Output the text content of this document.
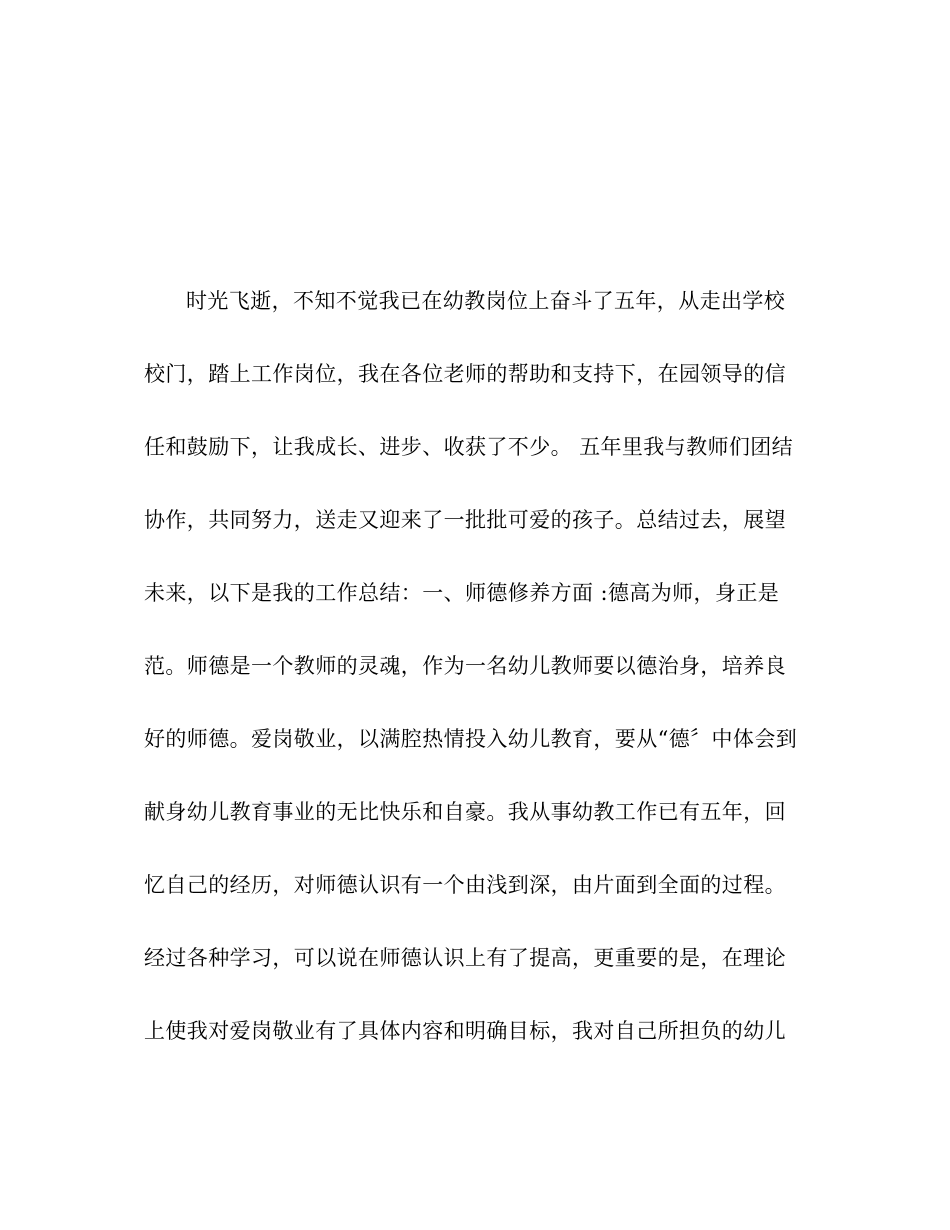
时光飞逝，不知不觉我已在幼教岗位上奋斗了五年，从走出学校
校门，踏上工作岗位，我在各位老师的帮助和支持下，在园领导的信
任和鼓励下，让我成长、进步、收获了不少。 五年里我与教师们团结
协作，共同努力，送走又迎来了一批批可爱的孩子。总结过去，展望
未来，以下是我的工作总结：一、师德修养方面 :德高为师，身正是
范。师德是一个教师的灵魂，作为一名幼儿教师要以德治身，培养良
好的师德。爱岗敬业，以满腔热情投入幼儿教育，要从“德〞中体会到
献身幼儿教育事业的无比快乐和自豪。我从事幼教工作已有五年，回
忆自己的经历，对师德认识有一个由浅到深，由片面到全面的过程。
经过各种学习，可以说在师德认识上有了提高，更重要的是，在理论
上使我对爱岗敬业有了具体内容和明确目标，我对自己所担负的幼儿
